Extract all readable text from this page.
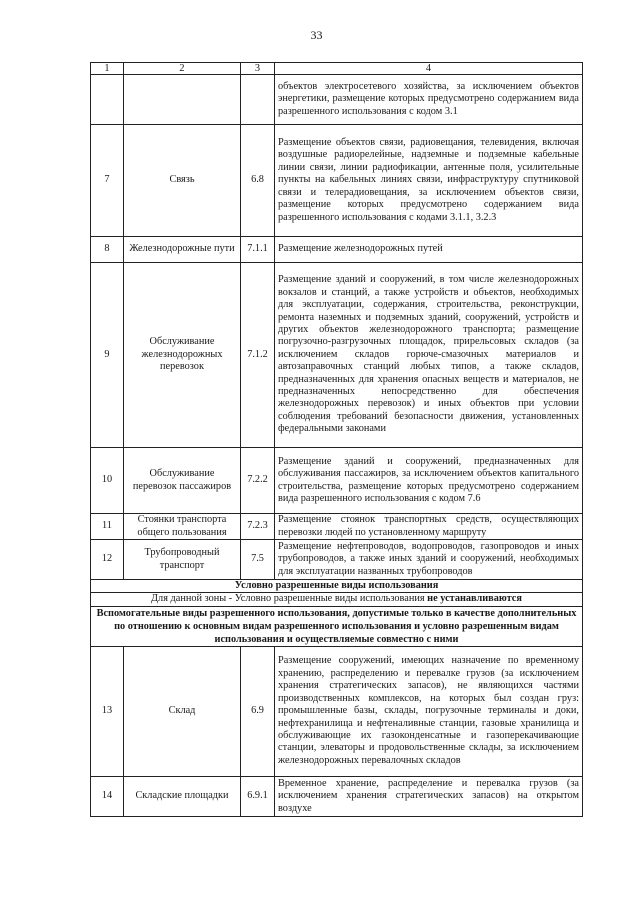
33
1	2	3	4
			объектов электросетевого хозяйства, за исключением объектов энергетики, размещение которых предусмотрено содержанием вида разрешенного использования с кодом 3.1
7	Связь	6.8	Размещение объектов связи, радиовещания, телевидения, включая воздушные радиорелейные, надземные и подземные кабельные линии связи, линии радиофикации, антенные поля, усилительные пункты на кабельных линиях связи, инфраструктуру спутниковой связи и телерадиовещания, за исключением объектов связи, размещение которых предусмотрено содержанием вида разрешенного использования с кодами 3.1.1, 3.2.3
8	Железнодорожные пути	7.1.1	Размещение железнодорожных путей
9	Обслуживание железнодорожных перевозок	7.1.2	Размещение зданий и сооружений, в том числе железнодорожных вокзалов и станций, а также устройств и объектов, необходимых для эксплуатации, содержания, строительства, реконструкции, ремонта наземных и подземных зданий, сооружений, устройств и других объектов железнодорожного транспорта; размещение погрузочно-разгрузочных площадок, прирельсовых складов (за исключением складов горюче-смазочных материалов и автозаправочных станций любых типов, а также складов, предназначенных для хранения опасных веществ и материалов, не предназначенных непосредственно для обеспечения железнодорожных перевозок) и иных объектов при условии соблюдения требований безопасности движения, установленных федеральными законами
10	Обслуживание перевозок пассажиров	7.2.2	Размещение зданий и сооружений, предназначенных для обслуживания пассажиров, за исключением объектов капитального строительства, размещение которых предусмотрено содержанием вида разрешенного использования с кодом 7.6
11	Стоянки транспорта общего пользования	7.2.3	Размещение стоянок транспортных средств, осуществляющих перевозки людей по установленному маршруту
12	Трубопроводный транспорт	7.5	Размещение нефтепроводов, водопроводов, газопроводов и иных трубопроводов, а также иных зданий и сооружений, необходимых для эксплуатации названных трубопроводов
Условно разрешенные виды использования			
Для данной зоны - Условно разрешенные виды использования не устанавливаются			
Вспомогательные виды разрешенного использования, допустимые только в качестве дополнительных по отношению к основным видам разрешенного использования и условно разрешенным видам использования и осуществляемые совместно с ними			
13	Склад	6.9	Размещение сооружений, имеющих назначение по временному хранению, распределению и перевалке грузов (за исключением хранения стратегических запасов), не являющихся частями производственных комплексов, на которых был создан груз: промышленные базы, склады, погрузочные терминалы и доки, нефтехранилища и нефтеналивные станции, газовые хранилища и обслуживающие их газоконденсатные и газоперекачивающие станции, элеваторы и продовольственные склады, за исключением железнодорожных перевалочных складов
14	Складские площадки	6.9.1	Временное хранение, распределение и перевалка грузов (за исключением хранения стратегических запасов) на открытом воздухе
